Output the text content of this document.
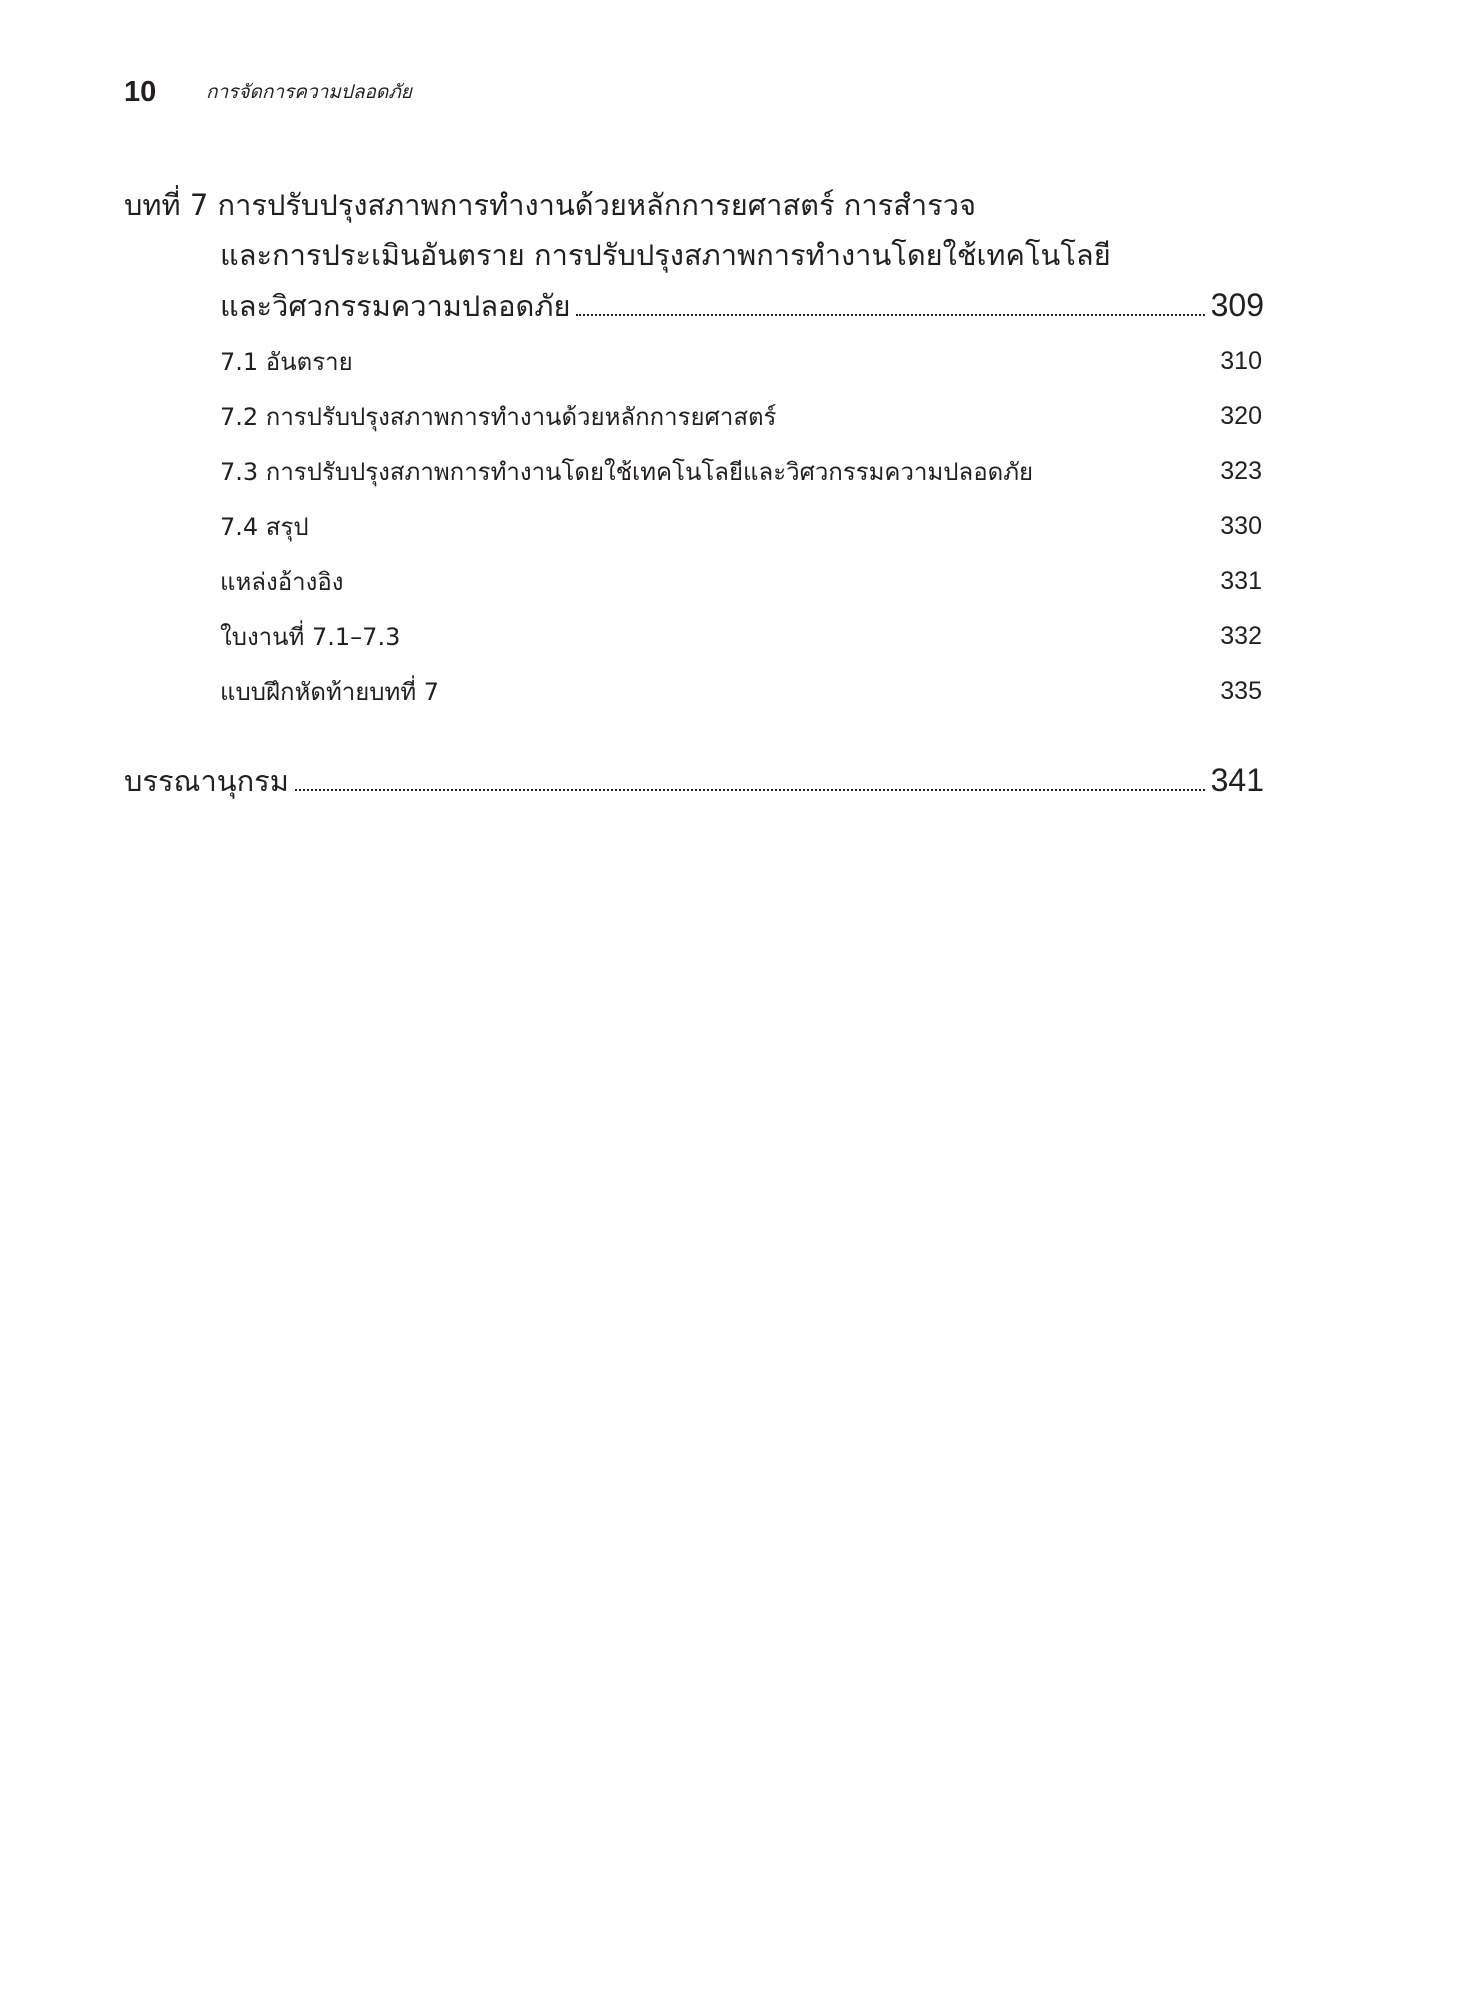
10	การจัดการความปลอดภัย
บทที่ 7 การปรับปรุงสภาพการทำงานด้วยหลักการยศาสตร์ การสำรวจ
และการประเมินอันตราย การปรับปรุงสภาพการทำงานโดยใช้เทคโนโลยี
และวิศวกรรมความปลอดภัย	309
7.1 อันตราย	310
7.2 การปรับปรุงสภาพการทำงานด้วยหลักการยศาสตร์	320
7.3 การปรับปรุงสภาพการทำงานโดยใช้เทคโนโลยีและวิศวกรรมความปลอดภัย	323
7.4 สรุป	330
แหล่งอ้างอิง	331
ใบงานที่ 7.1–7.3	332
แบบฝึกหัดท้ายบทที่ 7	335
บรรณานุกรม	341
